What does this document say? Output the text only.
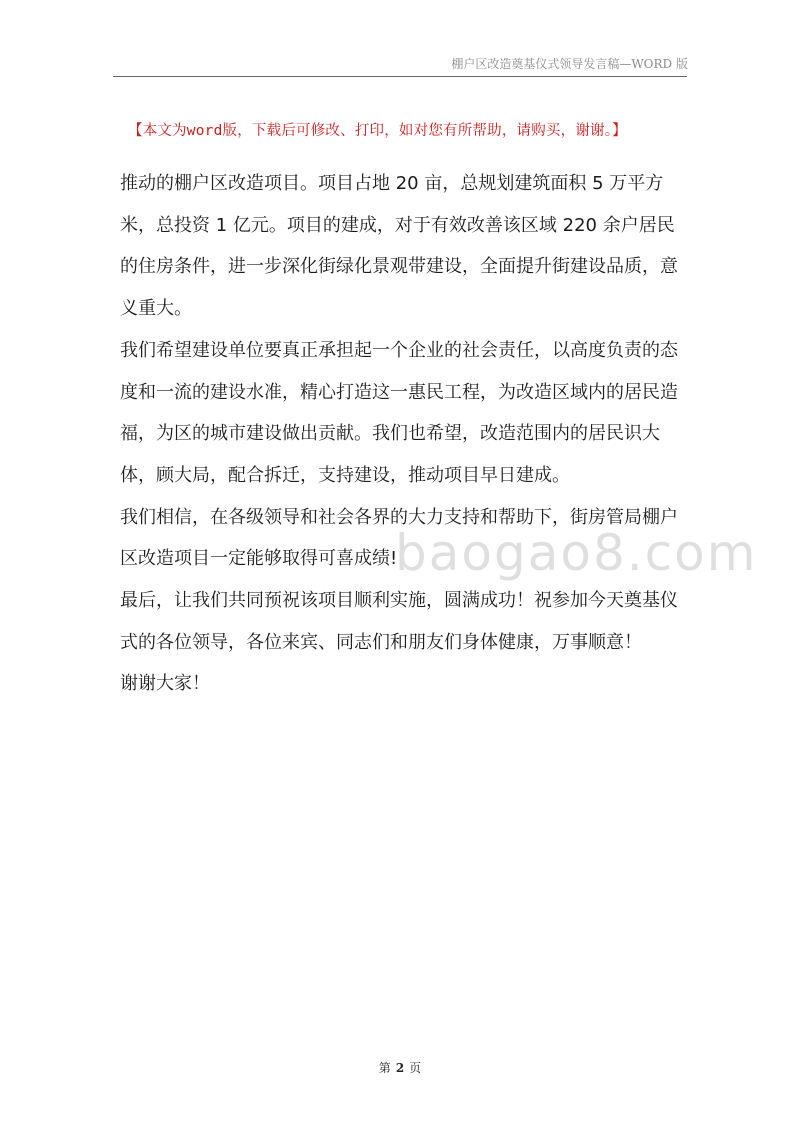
棚户区改造奠基仪式领导发言稿—WORD 版
【本文为word版，下载后可修改、打印，如对您有所帮助，请购买，谢谢。】

推动的棚户区改造项目。项目占地 20 亩，总规划建筑面积 5 万平方米，总投资 1 亿元。项目的建成，对于有效改善该区域 220 余户居民的住房条件，进一步深化街绿化景观带建设，全面提升街建设品质，意义重大。

我们希望建设单位要真正承担起一个企业的社会责任，以高度负责的态度和一流的建设水准，精心打造这一惠民工程，为改造区域内的居民造福，为区的城市建设做出贡献。我们也希望，改造范围内的居民识大体，顾大局，配合拆迁，支持建设，推动项目早日建成。

我们相信，在各级领导和社会各界的大力支持和帮助下，街房管局棚户区改造项目一定能够取得可喜成绩!

最后，让我们共同预祝该项目顺利实施，圆满成功！祝参加今天奠基仪式的各位领导，各位来宾、同志们和朋友们身体健康，万事顺意！

谢谢大家！

baogao8.com
第 2 页
